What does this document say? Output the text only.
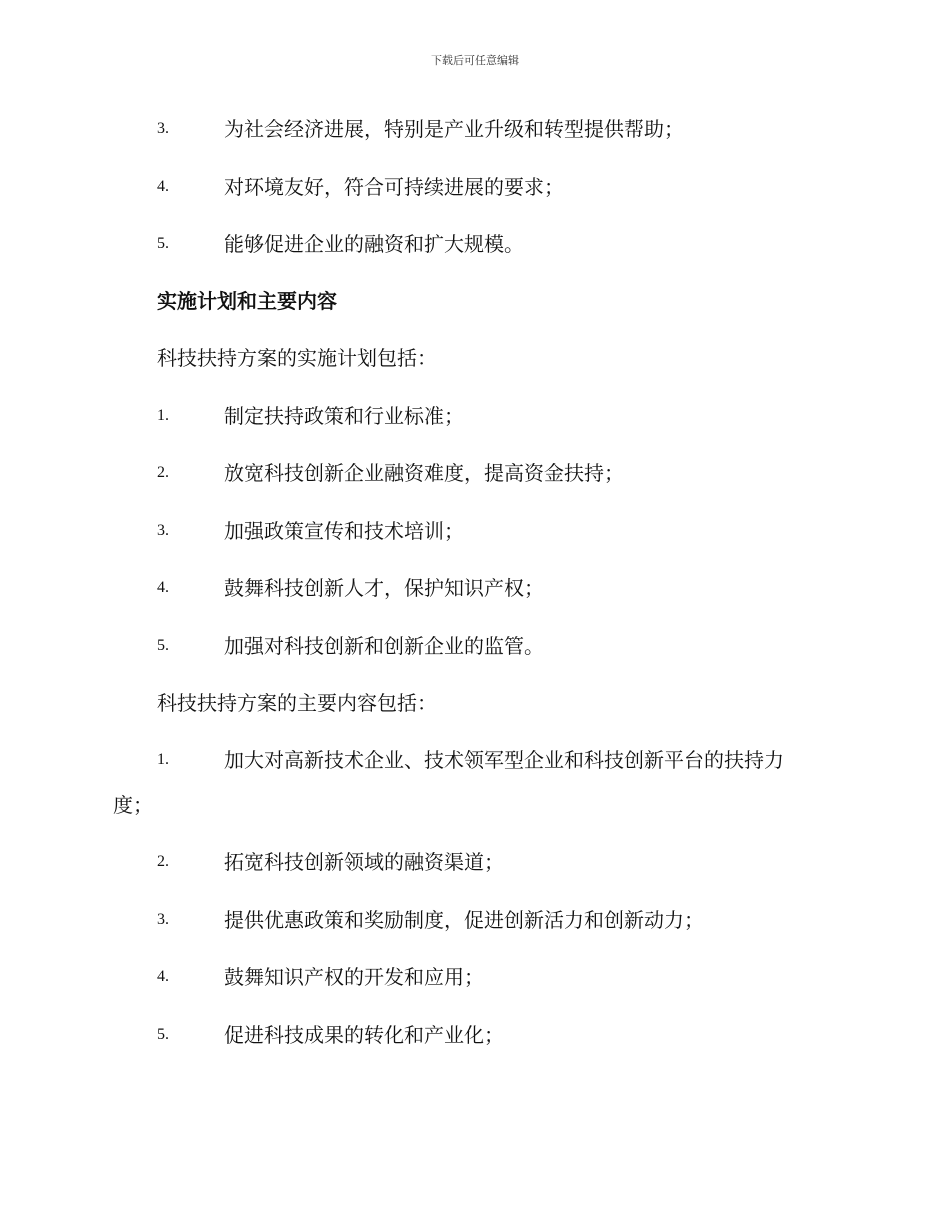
下载后可任意编辑
3.	为社会经济进展，特别是产业升级和转型提供帮助；
4.	对环境友好，符合可持续进展的要求；
5.	能够促进企业的融资和扩大规模。
实施计划和主要内容
科技扶持方案的实施计划包括：
1.	制定扶持政策和行业标准；
2.	放宽科技创新企业融资难度，提高资金扶持；
3.	加强政策宣传和技术培训；
4.	鼓舞科技创新人才，保护知识产权；
5.	加强对科技创新和创新企业的监管。
科技扶持方案的主要内容包括：
1.	加大对高新技术企业、技术领军型企业和科技创新平台的扶持力
度；
2.	拓宽科技创新领域的融资渠道；
3.	提供优惠政策和奖励制度，促进创新活力和创新动力；
4.	鼓舞知识产权的开发和应用；
5.	促进科技成果的转化和产业化；
